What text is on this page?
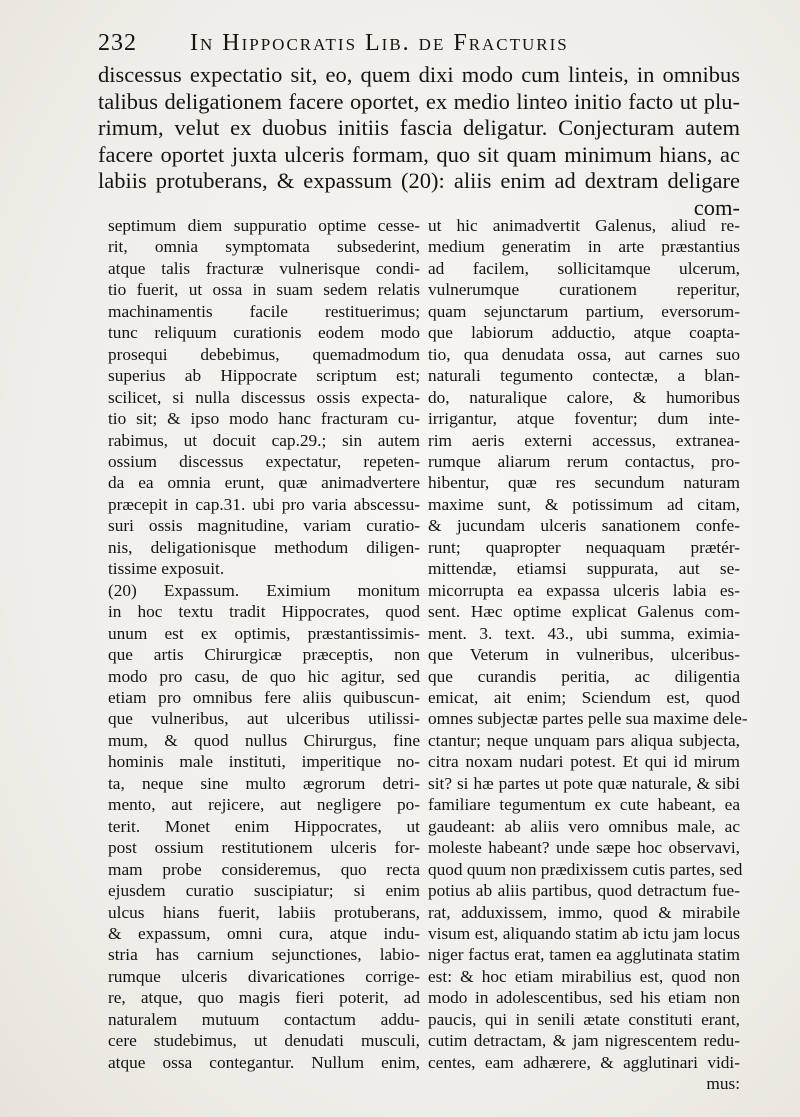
232 In Hippocratis Lib. de Fracturis
discessus expectatio sit, eo, quem dixi modo cum linteis, in omnibus
talibus deligationem facere oportet, ex medio linteo initio facto ut plu-
rimum, velut ex duobus initiis fascia deligatur. Conjecturam autem
facere oportet juxta ulceris formam, quo sit quam minimum hians, ac
labiis protuberans, & expassum (20): aliis enim ad dextram deligare
com-
septimum diem suppuratio optime cesse-
rit, omnia symptomata subsederint,
atque talis fracturæ vulnerisque condi-
tio fuerit, ut ossa in suam sedem relatis
machinamentis facile restituerimus;
tunc reliquum curationis eodem modo
prosequi debebimus, quemadmodum
superius ab Hippocrate scriptum est;
scilicet, si nulla discessus ossis expecta-
tio sit; & ipso modo hanc fracturam cu-
rabimus, ut docuit cap.29.; sin autem
ossium discessus expectatur, repeten-
da ea omnia erunt, quæ animadvertere
præcepit in cap.31. ubi pro varia abscessu-
suri ossis magnitudine, variam curatio-
nis, deligationisque methodum diligen-
tissime exposuit.
(20) Expassum. Eximium monitum
in hoc textu tradit Hippocrates, quod
unum est ex optimis, præstantissimis-
que artis Chirurgicæ præceptis, non
modo pro casu, de quo hic agitur, sed
etiam pro omnibus fere aliis quibuscun-
que vulneribus, aut ulceribus utilissi-
mum, & quod nullus Chirurgus, fine
hominis male instituti, imperitique no-
ta, neque sine multo ægrorum detri-
mento, aut rejicere, aut negligere po-
terit. Monet enim Hippocrates, ut
post ossium restitutionem ulceris for-
mam probe consideremus, quo recta
ejusdem curatio suscipiatur; si enim
ulcus hians fuerit, labiis protuberans,
& expassum, omni cura, atque indu-
stria has carnium sejunctiones, labio-
rumque ulceris divaricationes corrige-
re, atque, quo magis fieri poterit, ad
naturalem mutuum contactum addu-
cere studebimus, ut denudati musculi,
atque ossa contegantur. Nullum enim,
ut hic animadvertit Galenus, aliud re-
medium generatim in arte præstantius
ad facilem, sollicitamque ulcerum,
vulnerumque curationem reperitur,
quam sejunctarum partium, eversorum-
que labiorum adductio, atque coapta-
tio, qua denudata ossa, aut carnes suo
naturali tegumento contectæ, a blan-
do, naturalique calore, & humoribus
irrigantur, atque foventur; dum inte-
rim aeris externi accessus, extranea-
rumque aliarum rerum contactus, pro-
hibentur, quæ res secundum naturam
maxime sunt, & potissimum ad citam,
& jucundam ulceris sanationem confe-
runt; quapropter nequaquam prætér-
mittendæ, etiamsi suppurata, aut se-
micorrupta ea expassa ulceris labia es-
sent. Hæc optime explicat Galenus com-
ment. 3. text. 43., ubi summa, eximia-
que Veterum in vulneribus, ulceribus-
que curandis peritia, ac diligentia
emicat, ait enim; Sciendum est, quod
omnes subjectæ partes pelle sua maxime dele-
ctantur; neque unquam pars aliqua subjecta,
citra noxam nudari potest. Et qui id mirum
sit? si hæ partes ut pote quæ naturale, & sibi
familiare tegumentum ex cute habeant, ea
gaudeant: ab aliis vero omnibus male, ac
moleste habeant? unde sæpe hoc observavi,
quod quum non prædixissem cutis partes, sed
potius ab aliis partibus, quod detractum fue-
rat, adduxissem, immo, quod & mirabile
visum est, aliquando statim ab ictu jam locus
niger factus erat, tamen ea agglutinata statim
est: & hoc etiam mirabilius est, quod non
modo in adolescentibus, sed his etiam non
paucis, qui in senili ætate constituti erant,
cutim detractam, & jam nigrescentem redu-
centes, eam adhærere, & agglutinari vidi-
mus:
